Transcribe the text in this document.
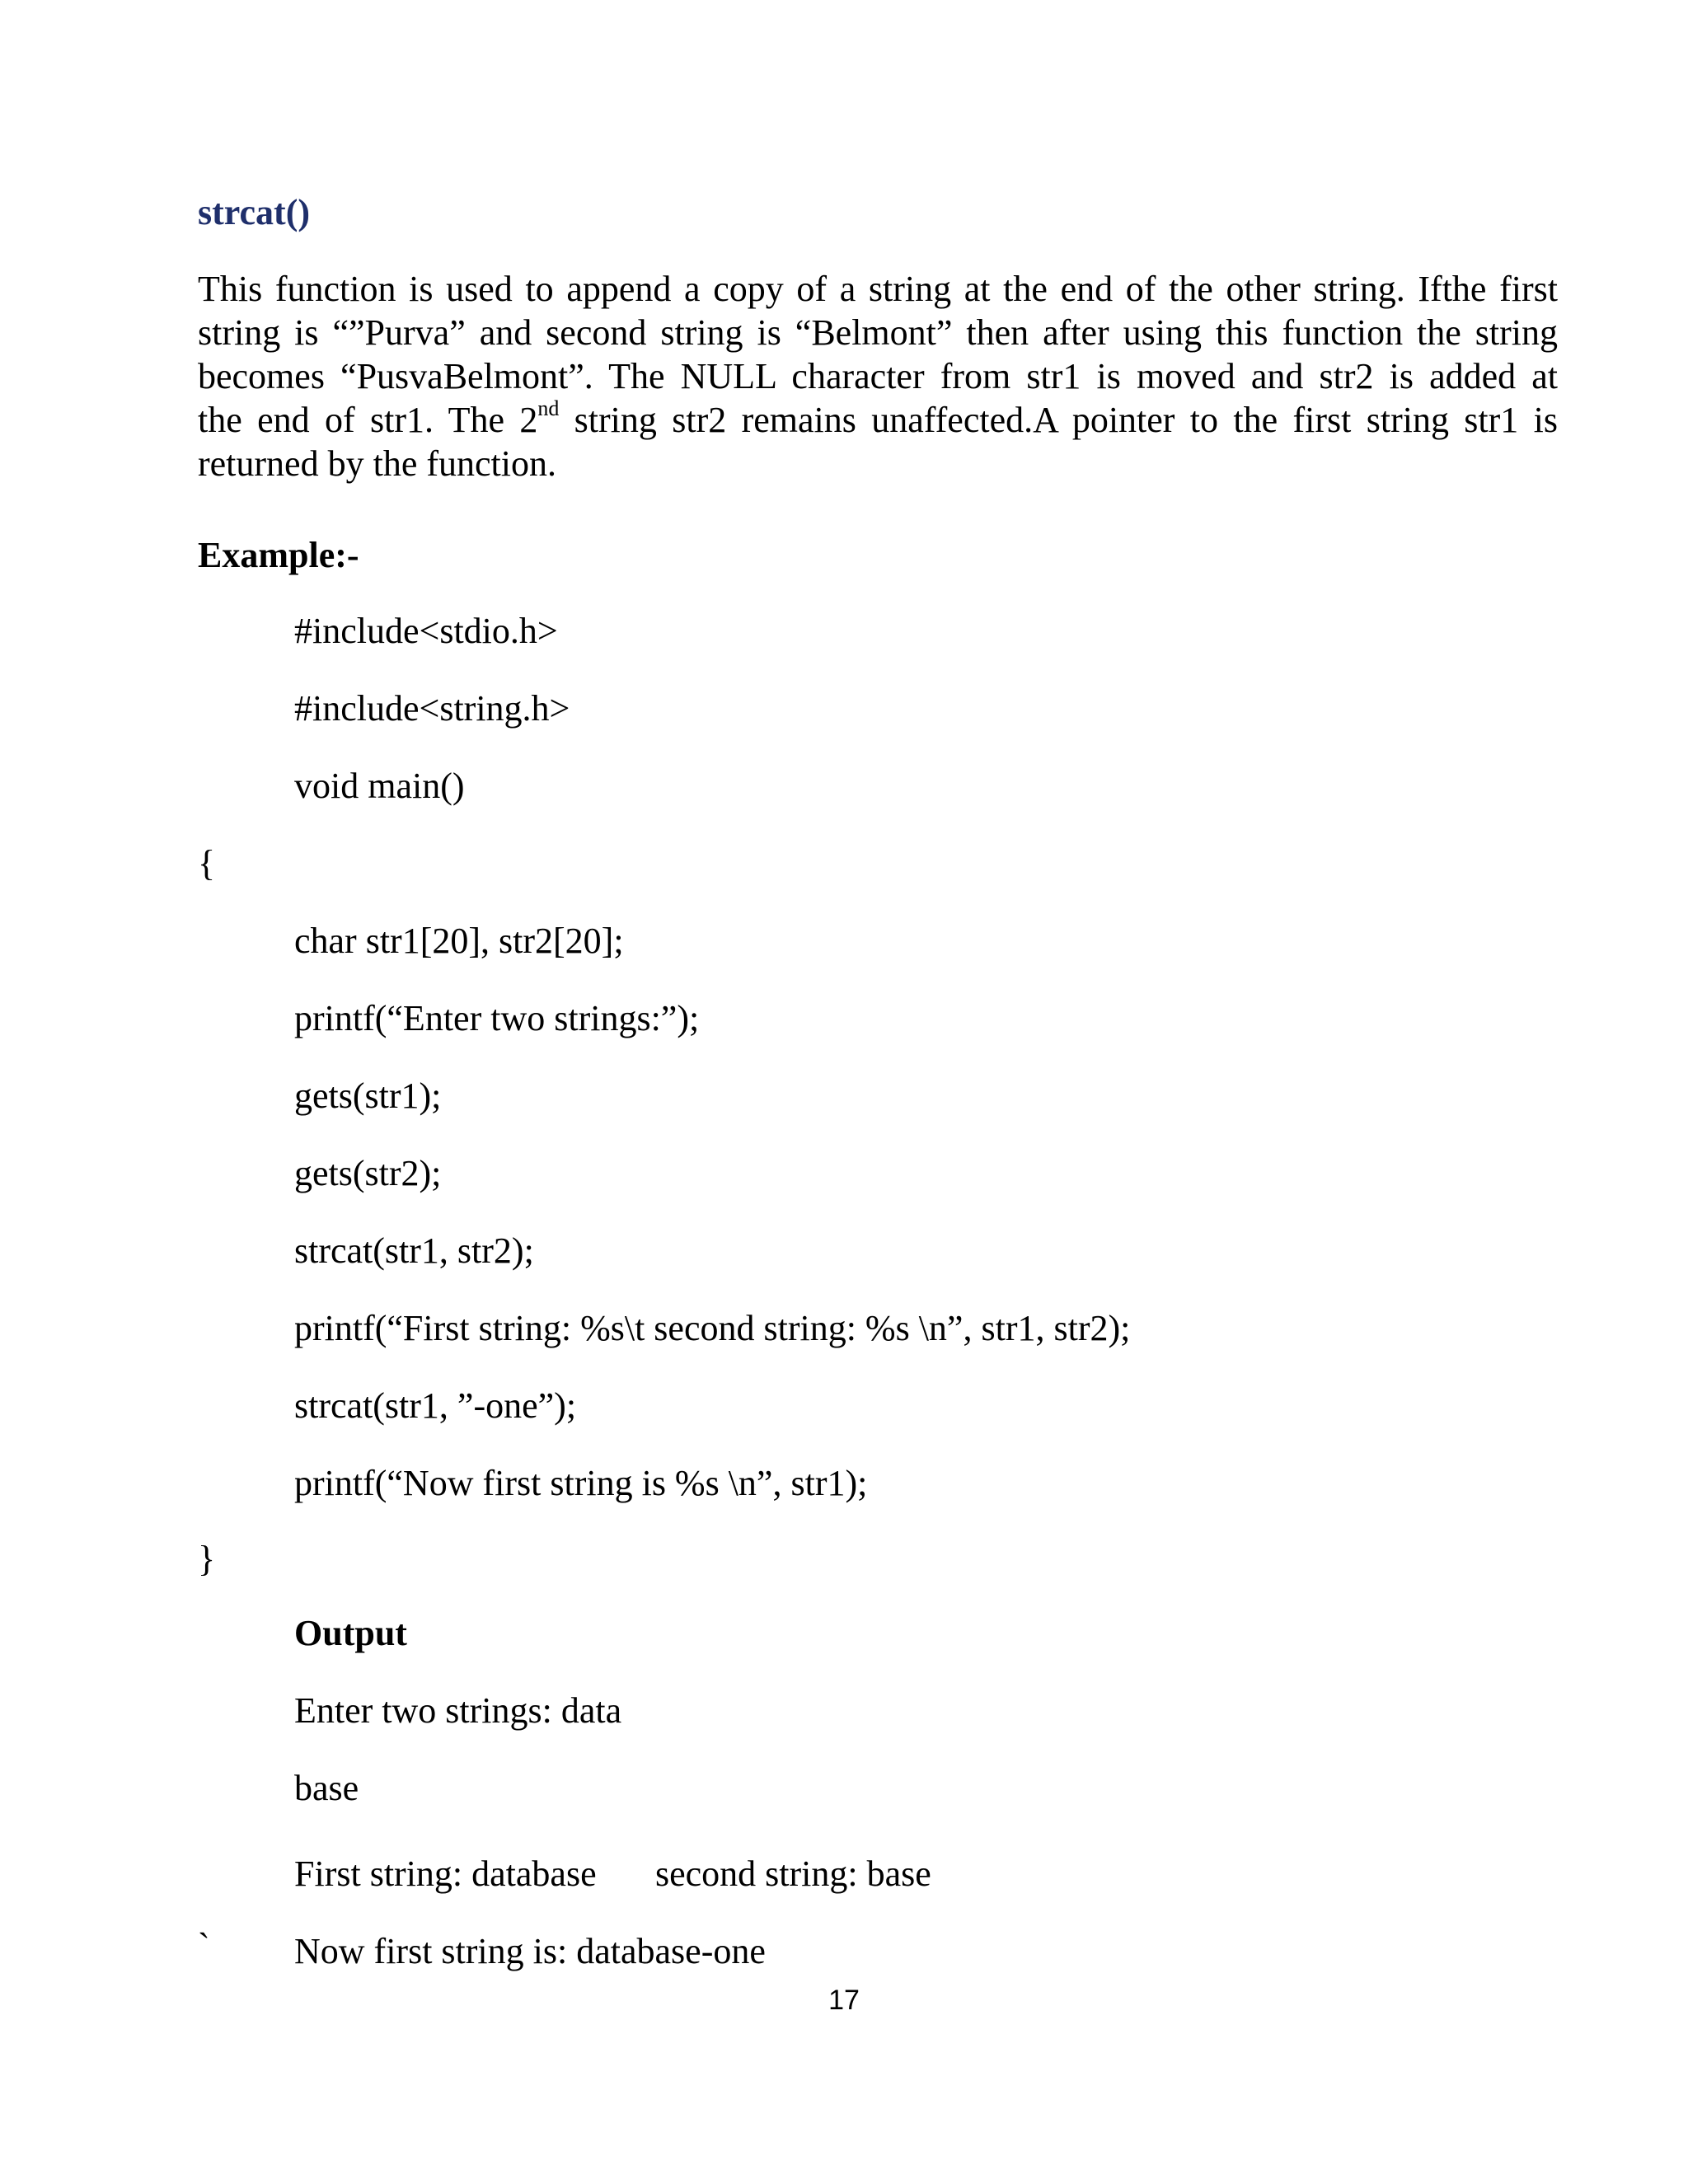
strcat()
This function is used to append a copy of a string at the end of the other string. Ifthe first
string is “”Purva” and second string is “Belmont” then after using this function the string
becomes “PusvaBelmont”. The NULL character from str1 is moved and str2 is added at
the end of str1. The 2nd string str2 remains unaffected.A pointer to the first string str1 is
returned by the function.
Example:-
#include<stdio.h>
#include<string.h>
void main()
{
char str1[20], str2[20];
printf(“Enter two strings:”);
gets(str1);
gets(str2);
strcat(str1, str2);
printf(“First string: %s\t second string: %s \n”, str1, str2);
strcat(str1, ”-one”);
printf(“Now first string is %s \n”, str1);
}
Output
Enter two strings: data
base
First string: database second string: base
` Now first string is: database-one
17
